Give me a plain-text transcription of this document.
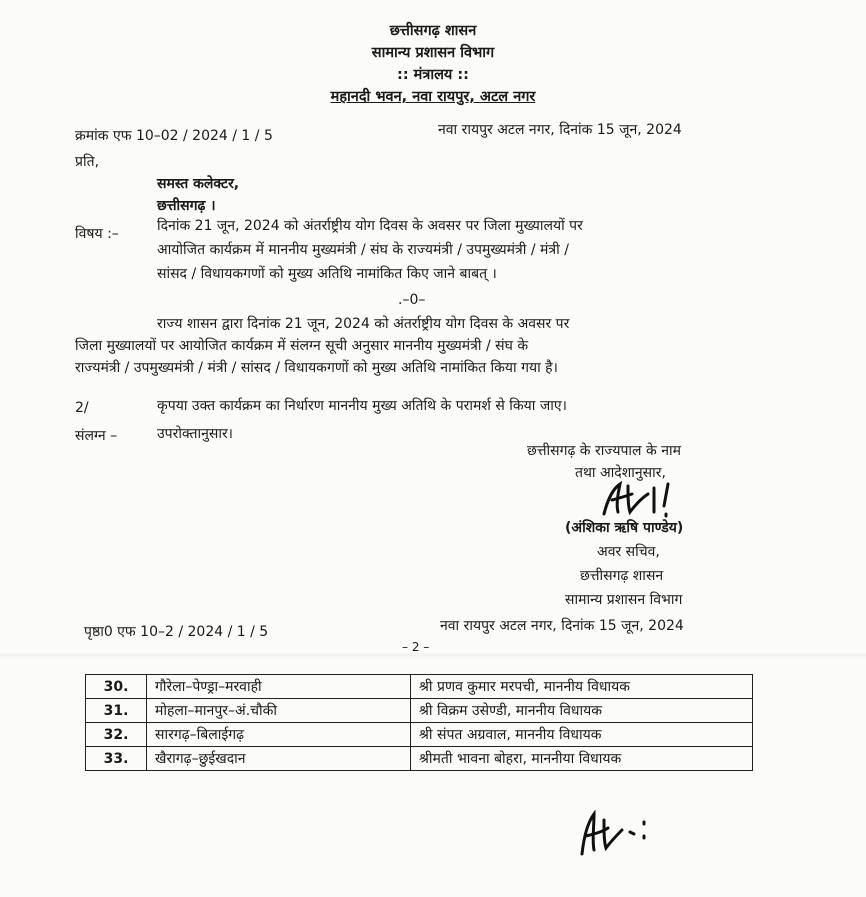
छत्तीसगढ़ शासन
सामान्य प्रशासन विभाग
:: मंत्रालय ::
महानदी भवन, नवा रायपुर, अटल नगर
क्रमांक एफ 10–02 / 2024 / 1 / 5	नवा रायपुर अटल नगर, दिनांक 15 जून, 2024
प्रति,
समस्त कलेक्टर,
छत्तीसगढ़ ।
विषय :–	दिनांक 21 जून, 2024 को अंतर्राष्ट्रीय योग दिवस के अवसर पर जिला मुख्यालयों पर
आयोजित कार्यक्रम में माननीय मुख्यमंत्री / संघ के राज्यमंत्री / उपमुख्यमंत्री / मंत्री /
सांसद / विधायकगणों को मुख्य अतिथि नामांकित किए जाने बाबत् ।
.–0–
राज्य शासन द्वारा दिनांक 21 जून, 2024 को अंतर्राष्ट्रीय योग दिवस के अवसर पर
जिला मुख्यालयों पर आयोजित कार्यक्रम में संलग्न सूची अनुसार माननीय मुख्यमंत्री / संघ के
राज्यमंत्री / उपमुख्यमंत्री / मंत्री / सांसद / विधायकगणों को मुख्य अतिथि नामांकित किया गया है।
2/	कृपया उक्त कार्यक्रम का निर्धारण माननीय मुख्य अतिथि के परामर्श से किया जाए।
संलग्न –	उपरोक्तानुसार।
छत्तीसगढ़ के राज्यपाल के नाम
तथा आदेशानुसार,
(अंशिका ऋषि पाण्डेय)
अवर सचिव,
छत्तीसगढ़ शासन
सामान्य प्रशासन विभाग
पृष्ठा0 एफ 10–2 / 2024 / 1 / 5	नवा रायपुर अटल नगर, दिनांक 15 जून, 2024
– 2 –
30.	गौरेला–पेण्ड्रा–मरवाही	श्री प्रणव कुमार मरपची, माननीय विधायक
31.	मोहला–मानपुर–अं.चौकी	श्री विक्रम उसेण्डी, माननीय विधायक
32.	सारगढ़–बिलाईगढ़	श्री संपत अग्रवाल, माननीय विधायक
33.	खैरागढ़–छुईखदान	श्रीमती भावना बोहरा, माननीया विधायक
